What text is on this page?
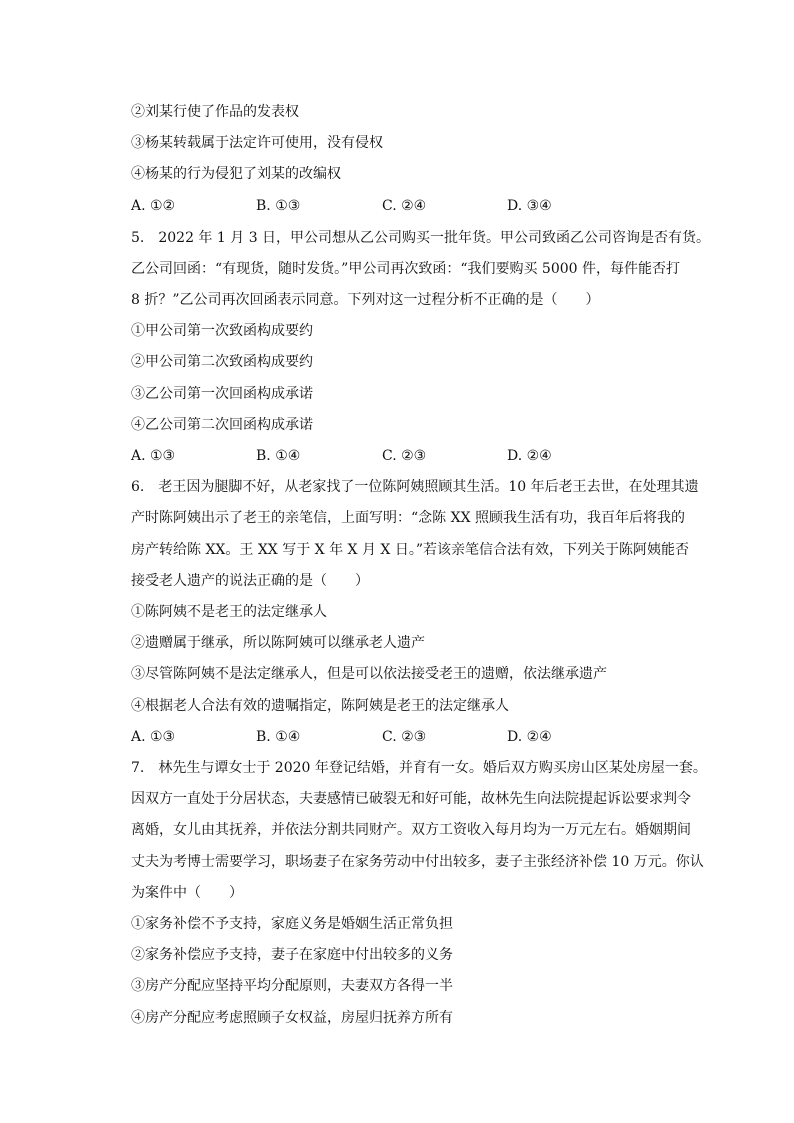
②刘某行使了作品的发表权
③杨某转载属于法定许可使用，没有侵权
④杨某的行为侵犯了刘某的改编权
A. ①②	B. ①③	C. ②④	D. ③④
5.　2022 年 1 月 3 日，甲公司想从乙公司购买一批年货。甲公司致函乙公司咨询是否有货。
乙公司回函：“有现货，随时发货。”甲公司再次致函：“我们要购买 5000 件，每件能否打
8 折？”乙公司再次回函表示同意。下列对这一过程分析不正确的是（　　）
①甲公司第一次致函构成要约
②甲公司第二次致函构成要约
③乙公司第一次回函构成承诺
④乙公司第二次回函构成承诺
A. ①③	B. ①④	C. ②③	D. ②④
6.　老王因为腿脚不好，从老家找了一位陈阿姨照顾其生活。10 年后老王去世，在处理其遗
产时陈阿姨出示了老王的亲笔信，上面写明：“念陈 XX 照顾我生活有功，我百年后将我的
房产转给陈 XX。王 XX 写于 X 年 X 月 X 日。”若该亲笔信合法有效，下列关于陈阿姨能否
接受老人遗产的说法正确的是（　　）
①陈阿姨不是老王的法定继承人
②遗赠属于继承，所以陈阿姨可以继承老人遗产
③尽管陈阿姨不是法定继承人，但是可以依法接受老王的遗赠，依法继承遗产
④根据老人合法有效的遗嘱指定，陈阿姨是老王的法定继承人
A. ①③	B. ①④	C. ②③	D. ②④
7.　林先生与谭女士于 2020 年登记结婚，并育有一女。婚后双方购买房山区某处房屋一套。
因双方一直处于分居状态，夫妻感情已破裂无和好可能，故林先生向法院提起诉讼要求判令
离婚，女儿由其抚养，并依法分割共同财产。双方工资收入每月均为一万元左右。婚姻期间
丈夫为考博士需要学习，职场妻子在家务劳动中付出较多，妻子主张经济补偿 10 万元。你认
为案件中（　　）
①家务补偿不予支持，家庭义务是婚姻生活正常负担
②家务补偿应予支持，妻子在家庭中付出较多的义务
③房产分配应坚持平均分配原则，夫妻双方各得一半
④房产分配应考虑照顾子女权益，房屋归抚养方所有
